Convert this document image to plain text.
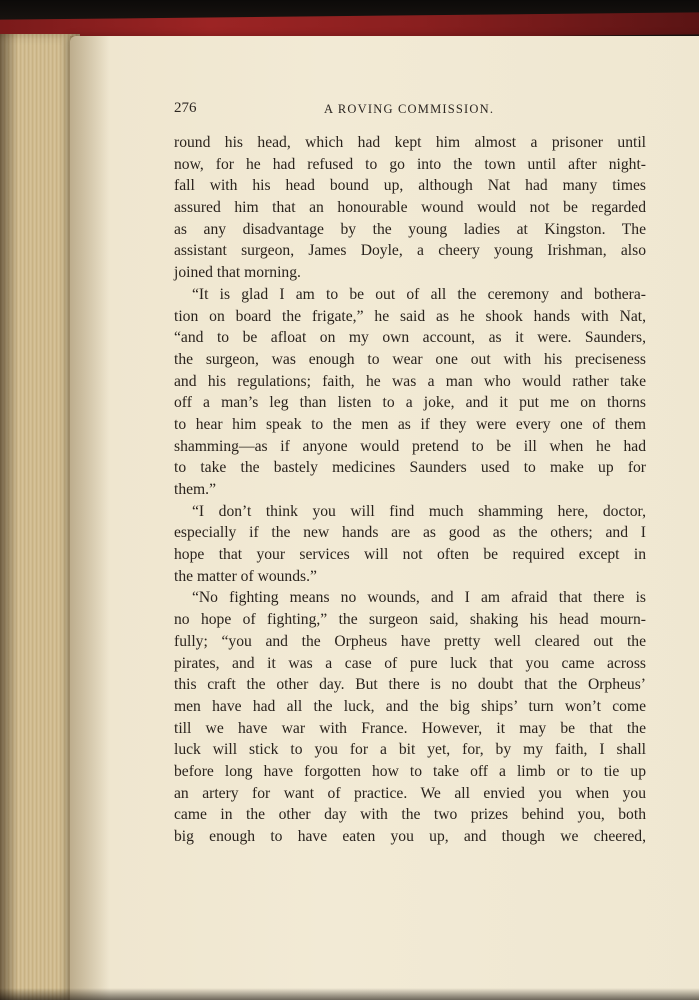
276	A ROVING COMMISSION.
round his head, which had kept him almost a prisoner until
now, for he had refused to go into the town until after night-
fall with his head bound up, although Nat had many times
assured him that an honourable wound would not be regarded
as any disadvantage by the young ladies at Kingston. The
assistant surgeon, James Doyle, a cheery young Irishman, also
joined that morning.
“It is glad I am to be out of all the ceremony and bothera-
tion on board the frigate,” he said as he shook hands with Nat,
“and to be afloat on my own account, as it were. Saunders,
the surgeon, was enough to wear one out with his preciseness
and his regulations; faith, he was a man who would rather take
off a man’s leg than listen to a joke, and it put me on thorns
to hear him speak to the men as if they were every one of them
shamming—as if anyone would pretend to be ill when he had
to take the bastely medicines Saunders used to make up for
them.”
“I don’t think you will find much shamming here, doctor,
especially if the new hands are as good as the others; and I
hope that your services will not often be required except in
the matter of wounds.”
“No fighting means no wounds, and I am afraid that there is
no hope of fighting,” the surgeon said, shaking his head mourn-
fully; “you and the Orpheus have pretty well cleared out the
pirates, and it was a case of pure luck that you came across
this craft the other day. But there is no doubt that the Orpheus’
men have had all the luck, and the big ships’ turn won’t come
till we have war with France. However, it may be that the
luck will stick to you for a bit yet, for, by my faith, I shall
before long have forgotten how to take off a limb or to tie up
an artery for want of practice. We all envied you when you
came in the other day with the two prizes behind you, both
big enough to have eaten you up, and though we cheered,
